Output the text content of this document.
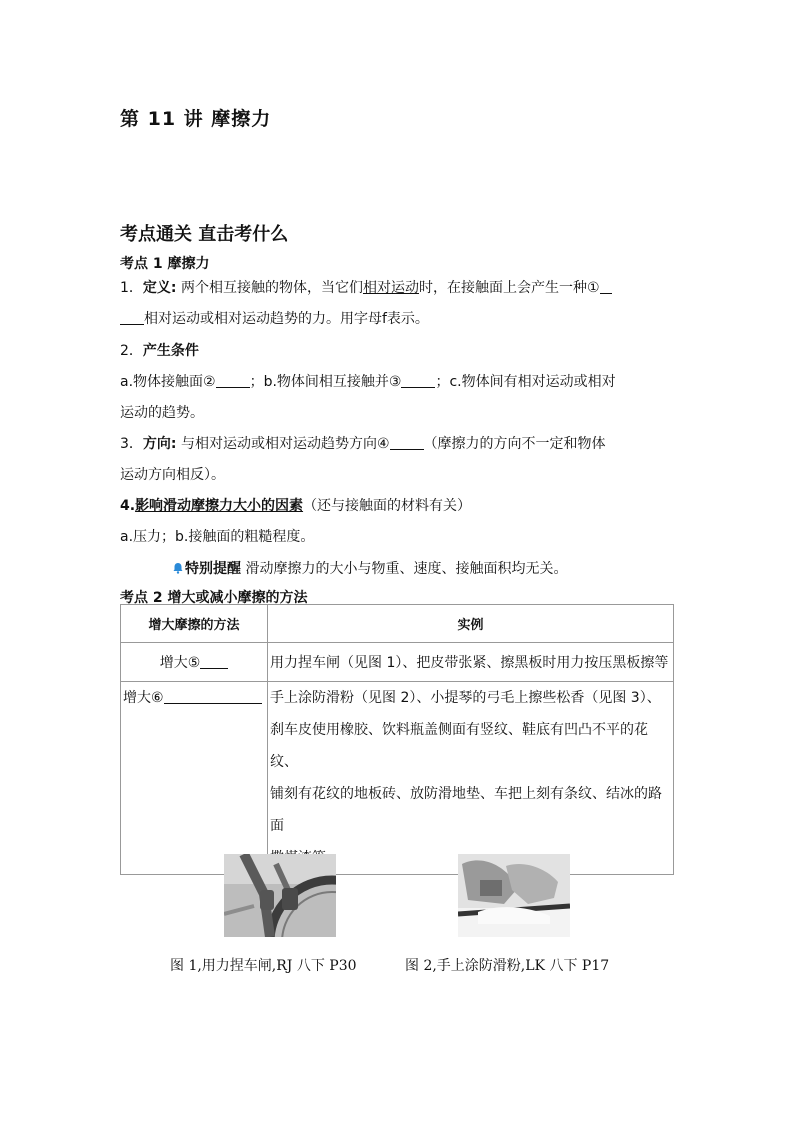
第 11 讲 摩擦力
考点通关 直击考什么
考点 1 摩擦力
1．定义: 两个相互接触的物体，当它们相对运动时，在接触面上会产生一种①
相对运动或相对运动趋势的力。用字母f表示。
2．产生条件
a.物体接触面② ；b.物体间相互接触并③ ；c.物体间有相对运动或相对
运动的趋势。
3．方向: 与相对运动或相对运动趋势方向④ （摩擦力的方向不一定和物体
运动方向相反）。
4.影响滑动摩擦力大小的因素（还与接触面的材料有关）
a.压力；b.接触面的粗糙程度。
特别提醒 滑动摩擦力的大小与物重、速度、接触面积均无关。
考点 2 增大或减小摩擦的方法
增大摩擦的方法	实例
增大⑤	用力捏车闸（见图 1）、把皮带张紧、擦黑板时用力按压黑板擦等
增大⑥	手上涂防滑粉（见图 2）、小提琴的弓毛上擦些松香（见图 3）、
刹车皮使用橡胶、饮料瓶盖侧面有竖纹、鞋底有凹凸不平的花纹、
铺刻有花纹的地板砖、放防滑地垫、车把上刻有条纹、结冰的路面
图 1,用力捏车闸,RJ 八下 P30	图 2,手上涂防滑粉,LK 八下 P17
